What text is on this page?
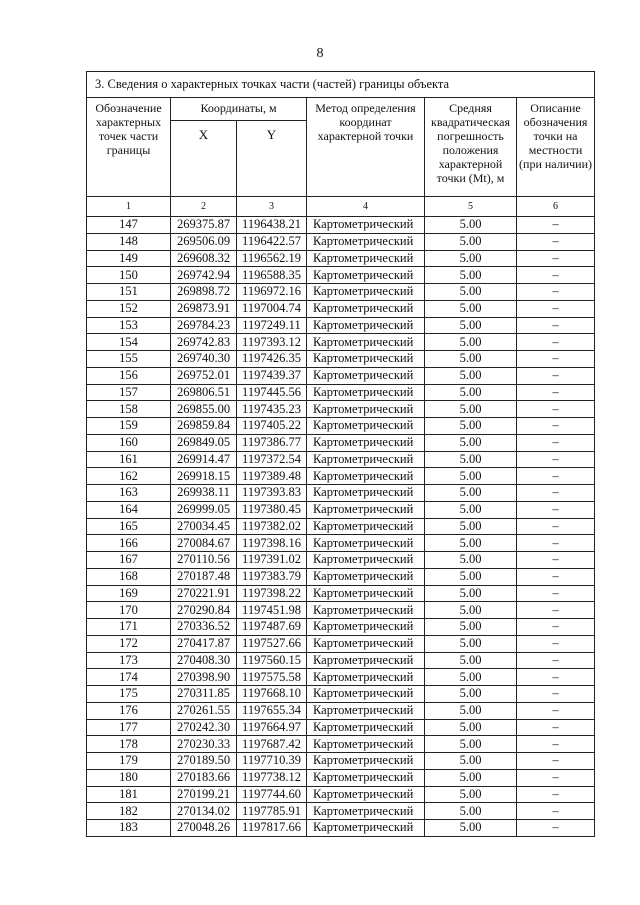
8
3. Сведения о характерных точках части (частей) границы объекта					
Обозначение характерных точек части границы	Координаты, м		Метод определения координат характерной точки	Средняя квадратическая погрешность положения характерной точки (Mt), м	Описание обозначения точки на местности (при наличии)
	X	Y			
1	2	3	4	5	6
147	269375.87	1196438.21	Картометрический	5.00	–
148	269506.09	1196422.57	Картометрический	5.00	–
149	269608.32	1196562.19	Картометрический	5.00	–
150	269742.94	1196588.35	Картометрический	5.00	–
151	269898.72	1196972.16	Картометрический	5.00	–
152	269873.91	1197004.74	Картометрический	5.00	–
153	269784.23	1197249.11	Картометрический	5.00	–
154	269742.83	1197393.12	Картометрический	5.00	–
155	269740.30	1197426.35	Картометрический	5.00	–
156	269752.01	1197439.37	Картометрический	5.00	–
157	269806.51	1197445.56	Картометрический	5.00	–
158	269855.00	1197435.23	Картометрический	5.00	–
159	269859.84	1197405.22	Картометрический	5.00	–
160	269849.05	1197386.77	Картометрический	5.00	–
161	269914.47	1197372.54	Картометрический	5.00	–
162	269918.15	1197389.48	Картометрический	5.00	–
163	269938.11	1197393.83	Картометрический	5.00	–
164	269999.05	1197380.45	Картометрический	5.00	–
165	270034.45	1197382.02	Картометрический	5.00	–
166	270084.67	1197398.16	Картометрический	5.00	–
167	270110.56	1197391.02	Картометрический	5.00	–
168	270187.48	1197383.79	Картометрический	5.00	–
169	270221.91	1197398.22	Картометрический	5.00	–
170	270290.84	1197451.98	Картометрический	5.00	–
171	270336.52	1197487.69	Картометрический	5.00	–
172	270417.87	1197527.66	Картометрический	5.00	–
173	270408.30	1197560.15	Картометрический	5.00	–
174	270398.90	1197575.58	Картометрический	5.00	–
175	270311.85	1197668.10	Картометрический	5.00	–
176	270261.55	1197655.34	Картометрический	5.00	–
177	270242.30	1197664.97	Картометрический	5.00	–
178	270230.33	1197687.42	Картометрический	5.00	–
179	270189.50	1197710.39	Картометрический	5.00	–
180	270183.66	1197738.12	Картометрический	5.00	–
181	270199.21	1197744.60	Картометрический	5.00	–
182	270134.02	1197785.91	Картометрический	5.00	–
183	270048.26	1197817.66	Картометрический	5.00	–
